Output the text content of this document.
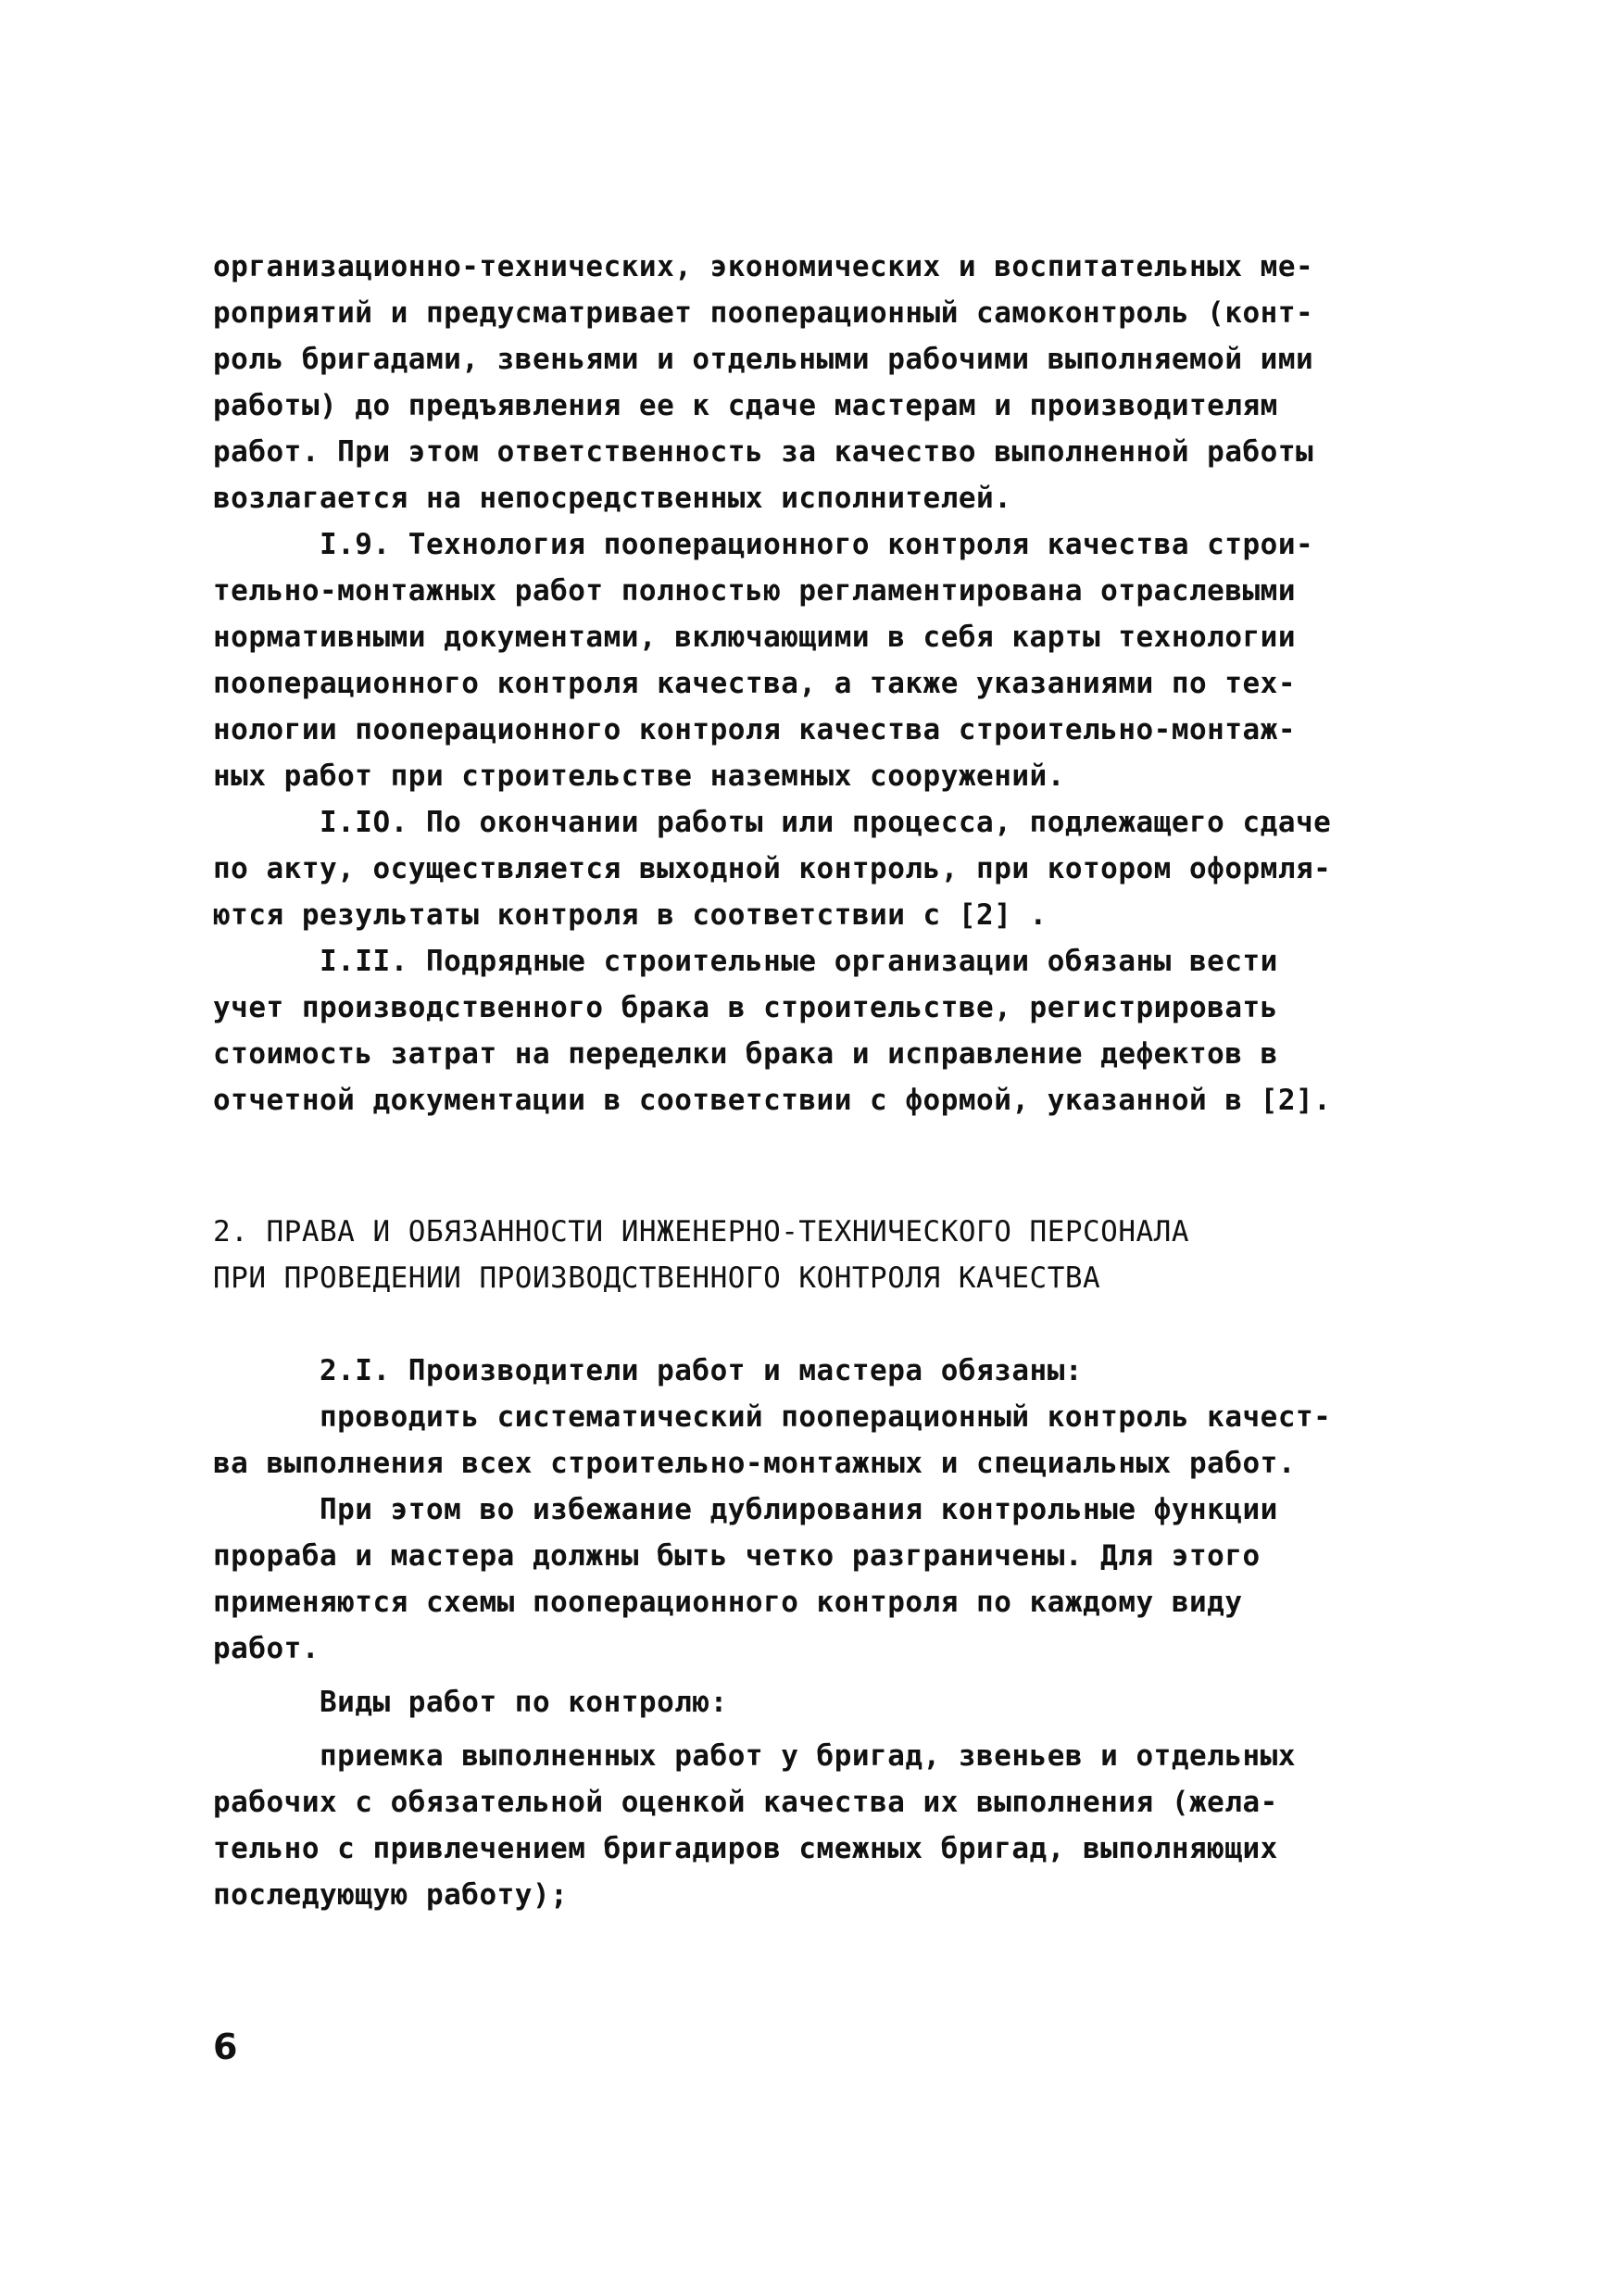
организационно-технических, экономических и воспитательных ме-
роприятий и предусматривает пооперационный самоконтроль (конт-
роль бригадами, звеньями и отдельными рабочими выполняемой ими
работы) до предъявления ее к сдаче мастерам и производителям
работ. При этом ответственность за качество выполненной работы
возлагается на непосредственных исполнителей.
I.9. Технология пооперационного контроля качества строи-
тельно-монтажных работ полностью регламентирована отраслевыми
нормативными документами, включающими в себя карты технологии
пооперационного контроля качества, а также указаниями по тех-
нологии пооперационного контроля качества строительно-монтаж-
ных работ при строительстве наземных сооружений.
I.IO. По окончании работы или процесса, подлежащего сдаче
по акту, осуществляется выходной контроль, при котором оформля-
ются результаты контроля в соответствии с [2] .
I.II. Подрядные строительные организации обязаны вести
учет производственного брака в строительстве, регистрировать
стоимость затрат на переделки брака и исправление дефектов в
отчетной документации в соответствии с формой, указанной в [2].
2. ПРАВА И ОБЯЗАННОСТИ ИНЖЕНЕРНО-ТЕХНИЧЕСКОГО ПЕРСОНАЛА
ПРИ ПРОВЕДЕНИИ ПРОИЗВОДСТВЕННОГО КОНТРОЛЯ КАЧЕСТВА
2.I. Производители работ и мастера обязаны:
проводить систематический пооперационный контроль качест-
ва выполнения всех строительно-монтажных и специальных работ.
При этом во избежание дублирования контрольные функции
прораба и мастера должны быть четко разграничены. Для этого
применяются схемы пооперационного контроля по каждому виду
работ.
Виды работ по контролю:
приемка выполненных работ у бригад, звеньев и отдельных
рабочих с обязательной оценкой качества их выполнения (жела-
тельно с привлечением бригадиров смежных бригад, выполняющих
последующую работу);
6
